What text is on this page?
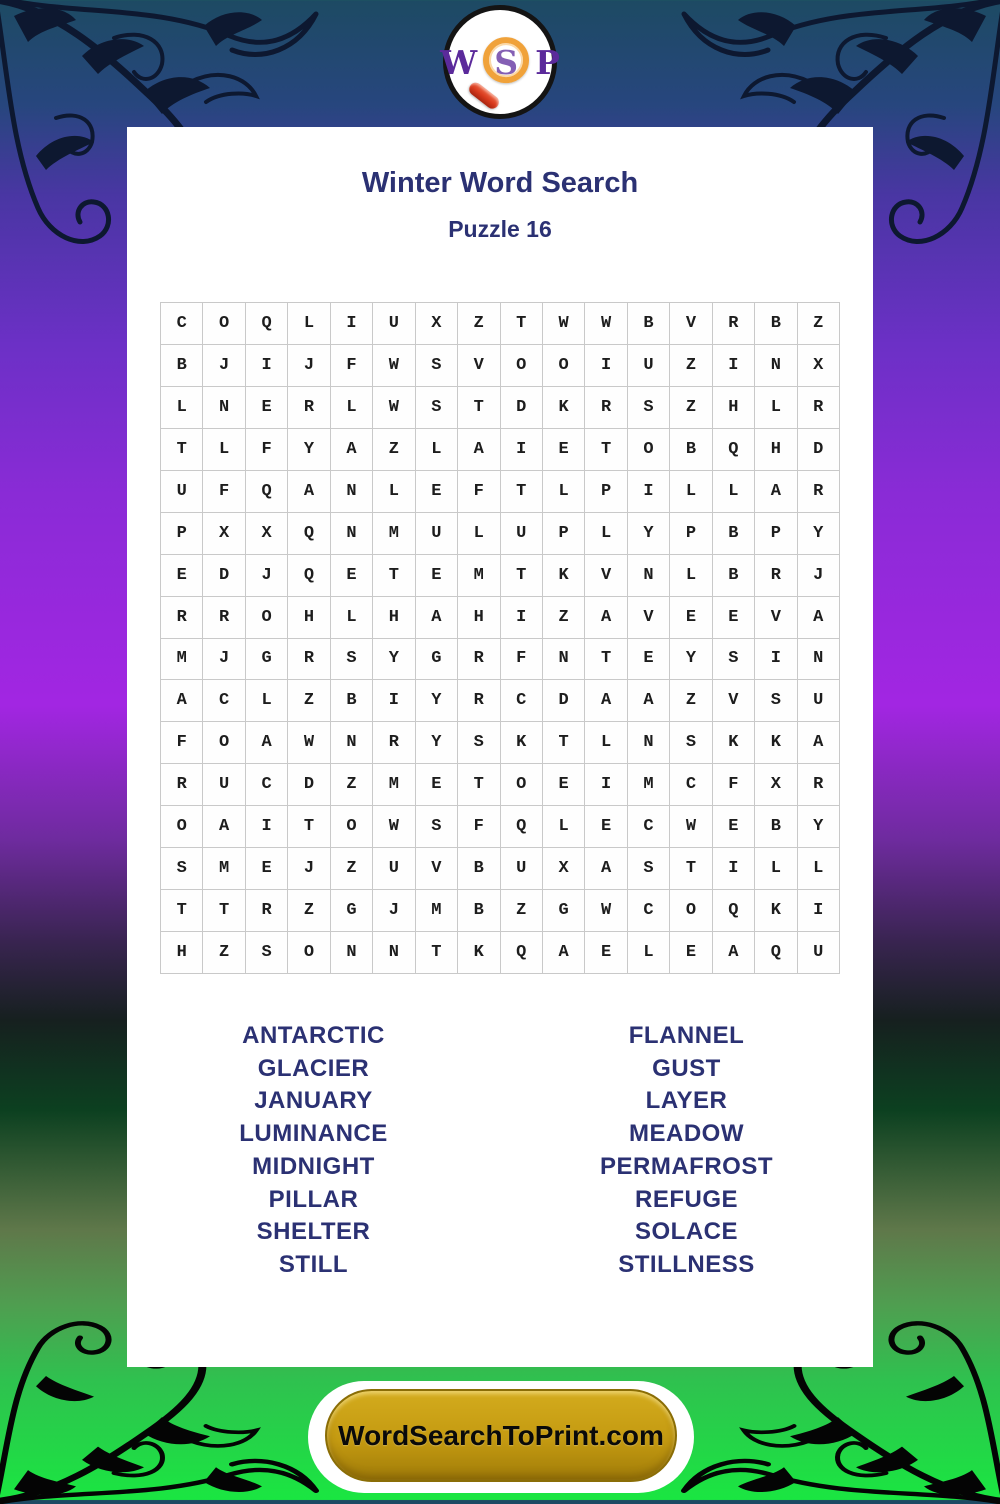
W S P
Winter Word Search
Puzzle 16
C	O	Q	L	I	U	X	Z	T	W	W	B	V	R	B	Z
B	J	I	J	F	W	S	V	O	O	I	U	Z	I	N	X
L	N	E	R	L	W	S	T	D	K	R	S	Z	H	L	R
T	L	F	Y	A	Z	L	A	I	E	T	O	B	Q	H	D
U	F	Q	A	N	L	E	F	T	L	P	I	L	L	A	R
P	X	X	Q	N	M	U	L	U	P	L	Y	P	B	P	Y
E	D	J	Q	E	T	E	M	T	K	V	N	L	B	R	J
R	R	O	H	L	H	A	H	I	Z	A	V	E	E	V	A
M	J	G	R	S	Y	G	R	F	N	T	E	Y	S	I	N
A	C	L	Z	B	I	Y	R	C	D	A	A	Z	V	S	U
F	O	A	W	N	R	Y	S	K	T	L	N	S	K	K	A
R	U	C	D	Z	M	E	T	O	E	I	M	C	F	X	R
O	A	I	T	O	W	S	F	Q	L	E	C	W	E	B	Y
S	M	E	J	Z	U	V	B	U	X	A	S	T	I	L	L
T	T	R	Z	G	J	M	B	Z	G	W	C	O	Q	K	I
H	Z	S	O	N	N	T	K	Q	A	E	L	E	A	Q	U
ANTARCTIC
GLACIER
JANUARY
LUMINANCE
MIDNIGHT
PILLAR
SHELTER
STILL
FLANNEL
GUST
LAYER
MEADOW
PERMAFROST
REFUGE
SOLACE
STILLNESS
WordSearchToPrint.com
